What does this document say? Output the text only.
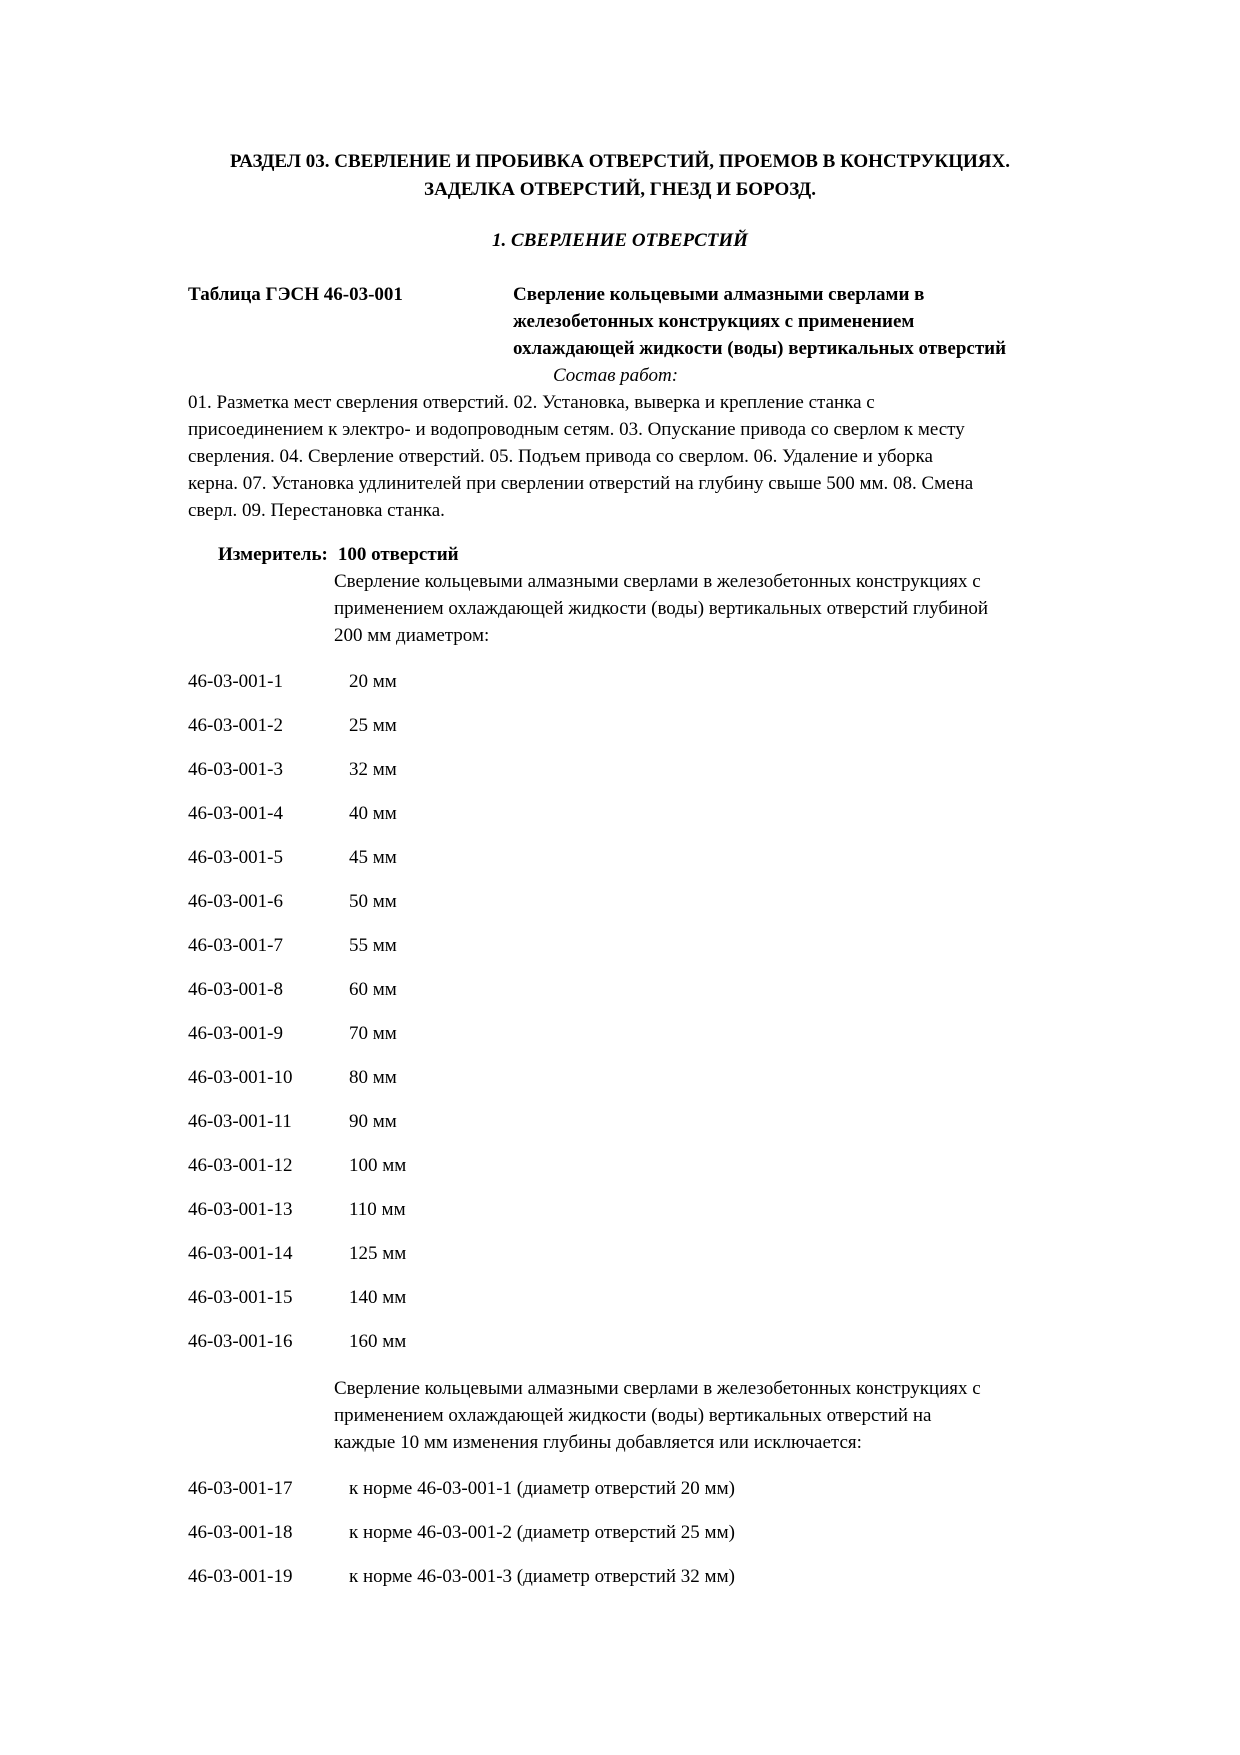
РАЗДЕЛ 03. СВЕРЛЕНИЕ И ПРОБИВКА ОТВЕРСТИЙ, ПРОЕМОВ В КОНСТРУКЦИЯХ.
ЗАДЕЛКА ОТВЕРСТИЙ, ГНЕЗД И БОРОЗД.
1. СВЕРЛЕНИЕ ОТВЕРСТИЙ
Таблица ГЭСН 46-03-001	Сверление кольцевыми алмазными сверлами в
железобетонных конструкциях с применением
охлаждающей жидкости (воды) вертикальных отверстий
Состав работ:
01. Разметка мест сверления отверстий. 02. Установка, выверка и крепление станка с
присоединением к электро- и водопроводным сетям. 03. Опускание привода со сверлом к месту
сверления. 04. Сверление отверстий. 05. Подъем привода со сверлом. 06. Удаление и уборка
керна. 07. Установка удлинителей при сверлении отверстий на глубину свыше 500 мм. 08. Смена
сверл. 09. Перестановка станка.
Измеритель: 100 отверстий
Сверление кольцевыми алмазными сверлами в железобетонных конструкциях с
применением охлаждающей жидкости (воды) вертикальных отверстий глубиной
200 мм диаметром:
46-03-001-1	20 мм
46-03-001-2	25 мм
46-03-001-3	32 мм
46-03-001-4	40 мм
46-03-001-5	45 мм
46-03-001-6	50 мм
46-03-001-7	55 мм
46-03-001-8	60 мм
46-03-001-9	70 мм
46-03-001-10	80 мм
46-03-001-11	90 мм
46-03-001-12	100 мм
46-03-001-13	110 мм
46-03-001-14	125 мм
46-03-001-15	140 мм
46-03-001-16	160 мм
Сверление кольцевыми алмазными сверлами в железобетонных конструкциях с
применением охлаждающей жидкости (воды) вертикальных отверстий на
каждые 10 мм изменения глубины добавляется или исключается:
46-03-001-17	к норме 46-03-001-1 (диаметр отверстий 20 мм)
46-03-001-18	к норме 46-03-001-2 (диаметр отверстий 25 мм)
46-03-001-19	к норме 46-03-001-3 (диаметр отверстий 32 мм)
